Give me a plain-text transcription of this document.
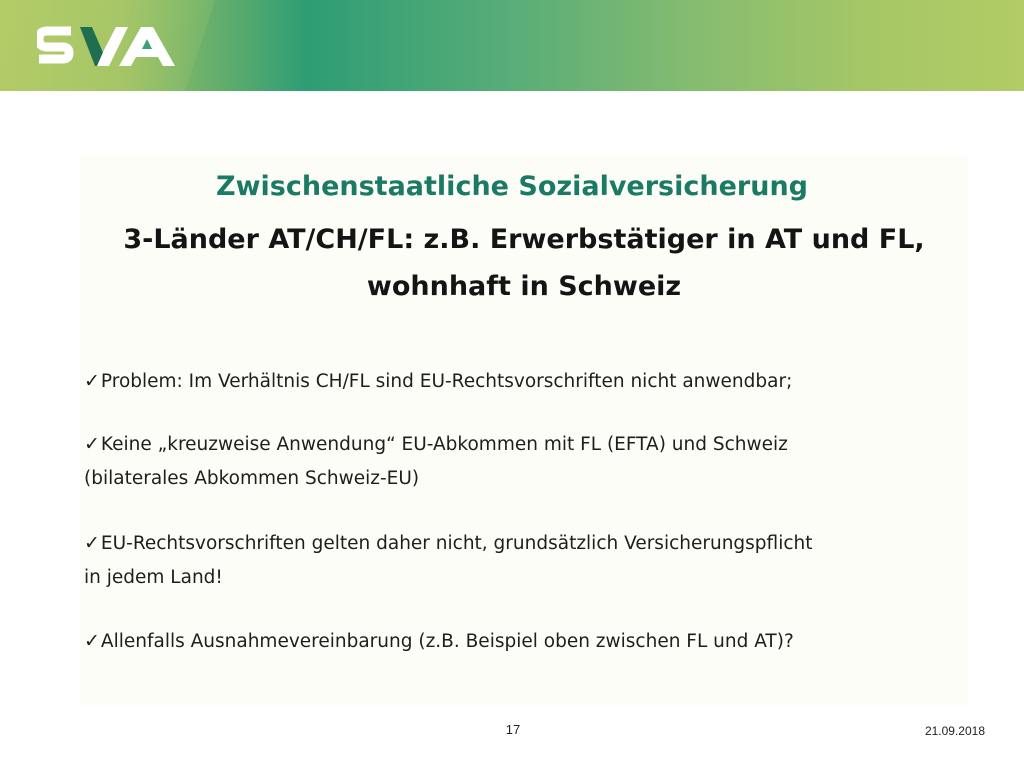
Zwischenstaatliche Sozialversicherung
3-Länder AT/CH/FL: z.B. Erwerbstätiger in AT und FL,
wohnhaft in Schweiz
✓Problem: Im Verhältnis CH/FL sind EU-Rechtsvorschriften nicht anwendbar;
✓Keine „kreuzweise Anwendung“ EU-Abkommen mit FL (EFTA) und Schweiz
(bilaterales Abkommen Schweiz-EU)
✓EU-Rechtsvorschriften gelten daher nicht, grundsätzlich Versicherungspflicht
in jedem Land!
✓Allenfalls Ausnahmevereinbarung (z.B. Beispiel oben zwischen FL und AT)?
17	21.09.2018
